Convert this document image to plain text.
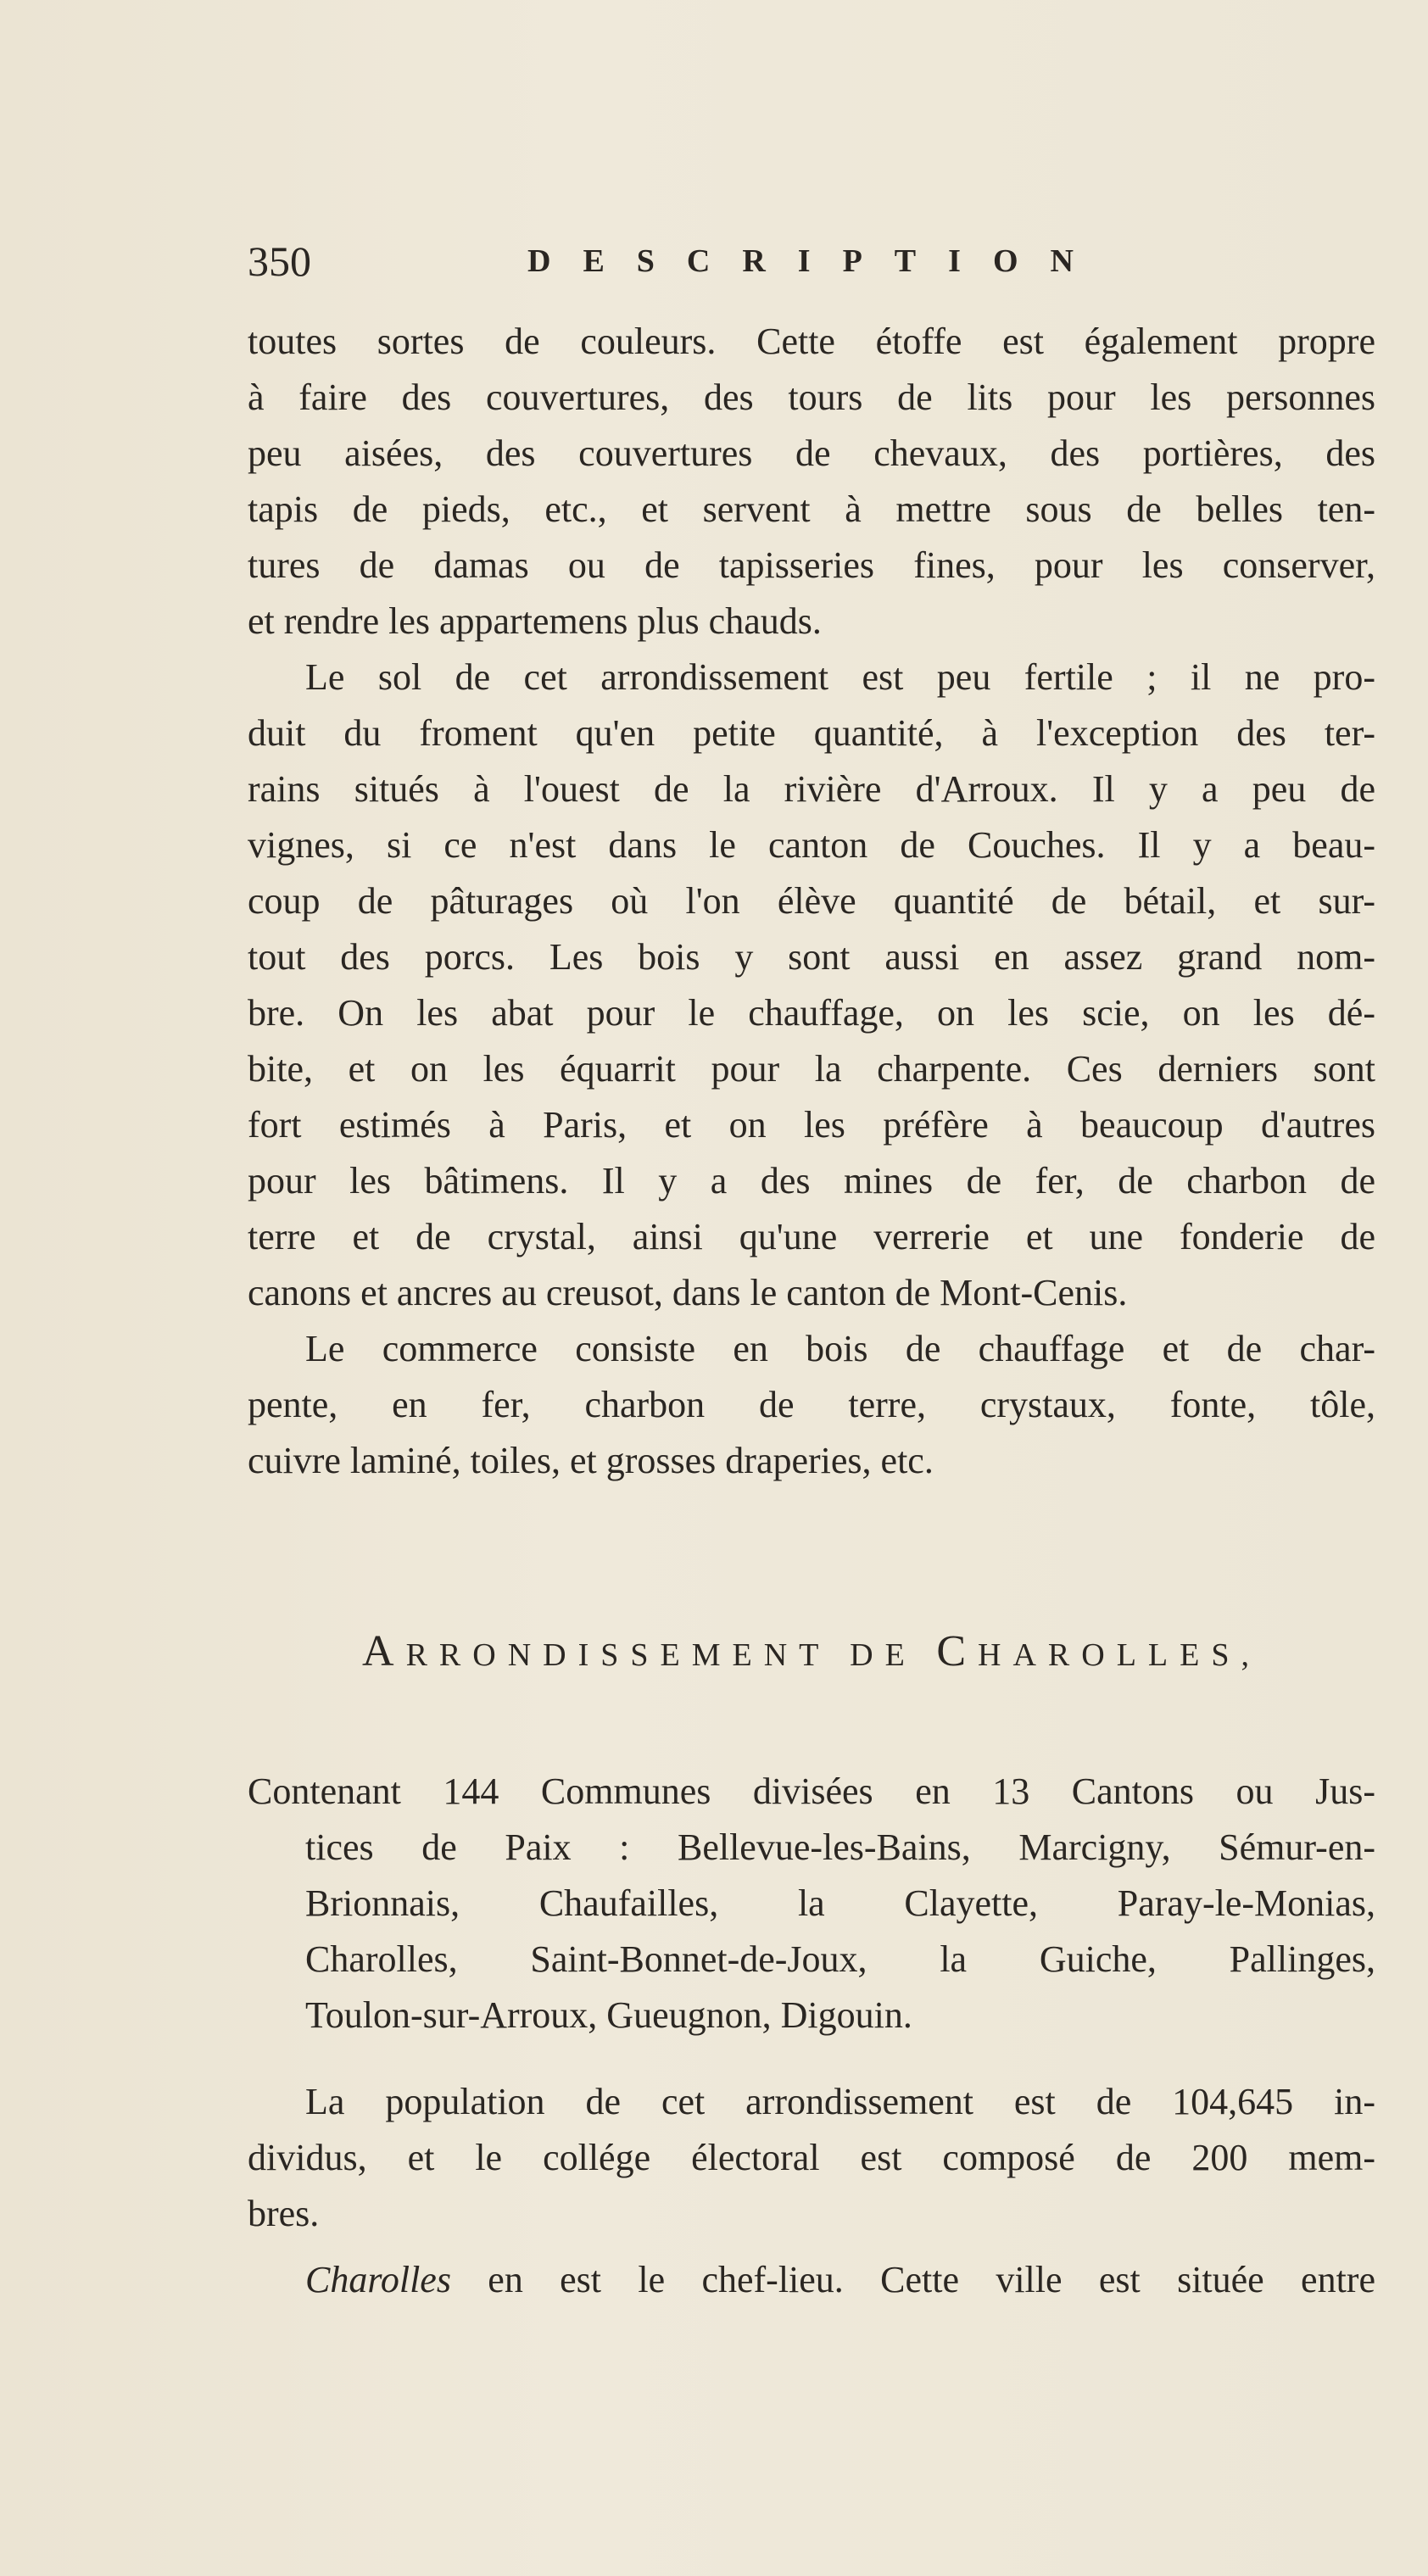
350	DESCRIPTION
toutes sortes de couleurs. Cette étoffe est également propre
à faire des couvertures, des tours de lits pour les personnes
peu aisées, des couvertures de chevaux, des portières, des
tapis de pieds, etc., et servent à mettre sous de belles ten-
tures de damas ou de tapisseries fines, pour les conserver,
et rendre les appartemens plus chauds.
Le sol de cet arrondissement est peu fertile ; il ne pro-
duit du froment qu'en petite quantité, à l'exception des ter-
rains situés à l'ouest de la rivière d'Arroux. Il y a peu de
vignes, si ce n'est dans le canton de Couches. Il y a beau-
coup de pâturages où l'on élève quantité de bétail, et sur-
tout des porcs. Les bois y sont aussi en assez grand nom-
bre. On les abat pour le chauffage, on les scie, on les dé-
bite, et on les équarrit pour la charpente. Ces derniers sont
fort estimés à Paris, et on les préfère à beaucoup d'autres
pour les bâtimens. Il y a des mines de fer, de charbon de
terre et de crystal, ainsi qu'une verrerie et une fonderie de
canons et ancres au creusot, dans le canton de Mont-Cenis.
Le commerce consiste en bois de chauffage et de char-
pente, en fer, charbon de terre, crystaux, fonte, tôle,
cuivre laminé, toiles, et grosses draperies, etc.
ARRONDISSEMENT DE CHAROLLES,
Contenant 144 Communes divisées en 13 Cantons ou Jus-
tices de Paix : Bellevue-les-Bains, Marcigny, Sémur-en-
Brionnais, Chaufailles, la Clayette, Paray-le-Monias,
Charolles, Saint-Bonnet-de-Joux, la Guiche, Pallinges,
Toulon-sur-Arroux, Gueugnon, Digouin.
La population de cet arrondissement est de 104,645 in-
dividus, et le collége électoral est composé de 200 mem-
bres.
Charolles en est le chef-lieu. Cette ville est située entre
